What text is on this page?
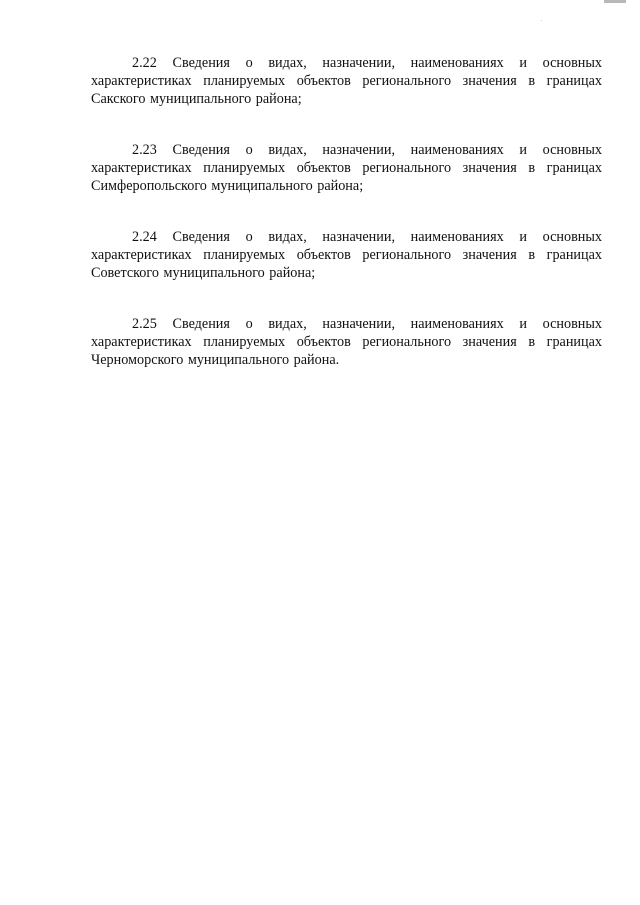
2.22 Сведения о видах, назначении, наименованиях и основных характеристиках планируемых объектов регионального значения в границах Сакского муниципального района;

2.23 Сведения о видах, назначении, наименованиях и основных характеристиках планируемых объектов регионального значения в границах Симферопольского муниципального района;

2.24 Сведения о видах, назначении, наименованиях и основных характеристиках планируемых объектов регионального значения в границах Советского муниципального района;

2.25 Сведения о видах, назначении, наименованиях и основных характеристиках планируемых объектов регионального значения в границах Черноморского муниципального района.
